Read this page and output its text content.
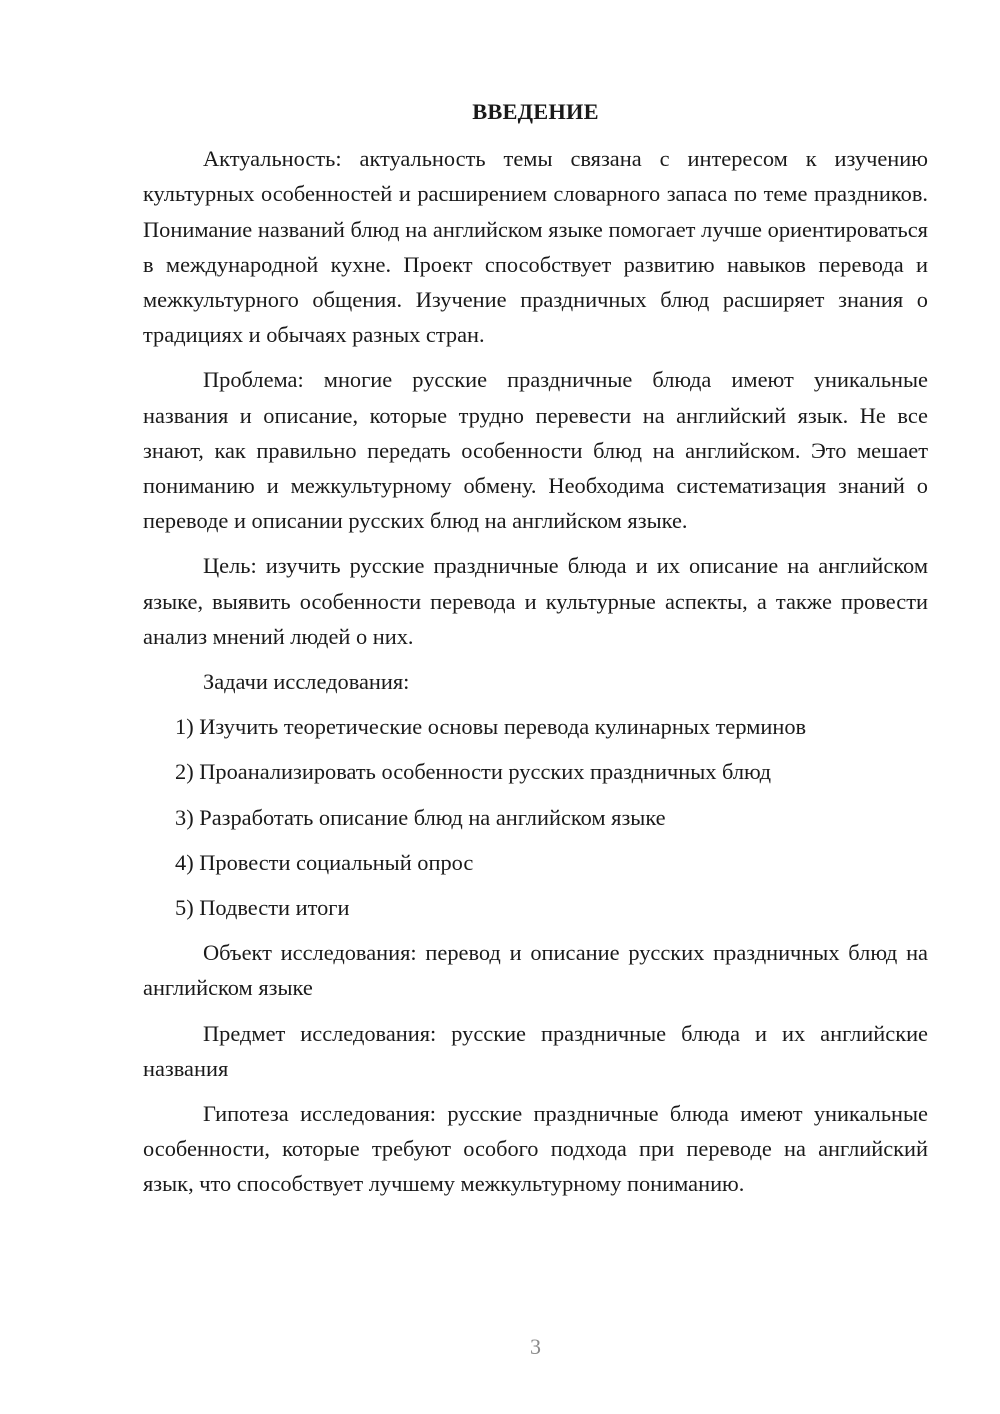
ВВЕДЕНИЕ

Актуальность: актуальность темы связана с интересом к изучению культурных особенностей и расширением словарного запаса по теме праздников. Понимание названий блюд на английском языке помогает лучше ориентироваться в международной кухне. Проект способствует развитию навыков перевода и межкультурного общения. Изучение праздничных блюд расширяет знания о традициях и обычаях разных стран.

Проблема: многие русские праздничные блюда имеют уникальные названия и описание, которые трудно перевести на английский язык. Не все знают, как правильно передать особенности блюд на английском. Это мешает пониманию и межкультурному обмену. Необходима систематизация знаний о переводе и описании русских блюд на английском языке.

Цель: изучить русские праздничные блюда и их описание на английском языке, выявить особенности перевода и культурные аспекты, а также провести анализ мнений людей о них.

Задачи исследования:

1) Изучить теоретические основы перевода кулинарных терминов
2) Проанализировать особенности русских праздничных блюд
3) Разработать описание блюд на английском языке
4) Провести социальный опрос
5) Подвести итоги

Объект исследования: перевод и описание русских праздничных блюд на английском языке

Предмет исследования: русские праздничные блюда и их английские названия

Гипотеза исследования: русские праздничные блюда имеют уникальные особенности, которые требуют особого подхода при переводе на английский язык, что способствует лучшему межкультурному пониманию.

3
